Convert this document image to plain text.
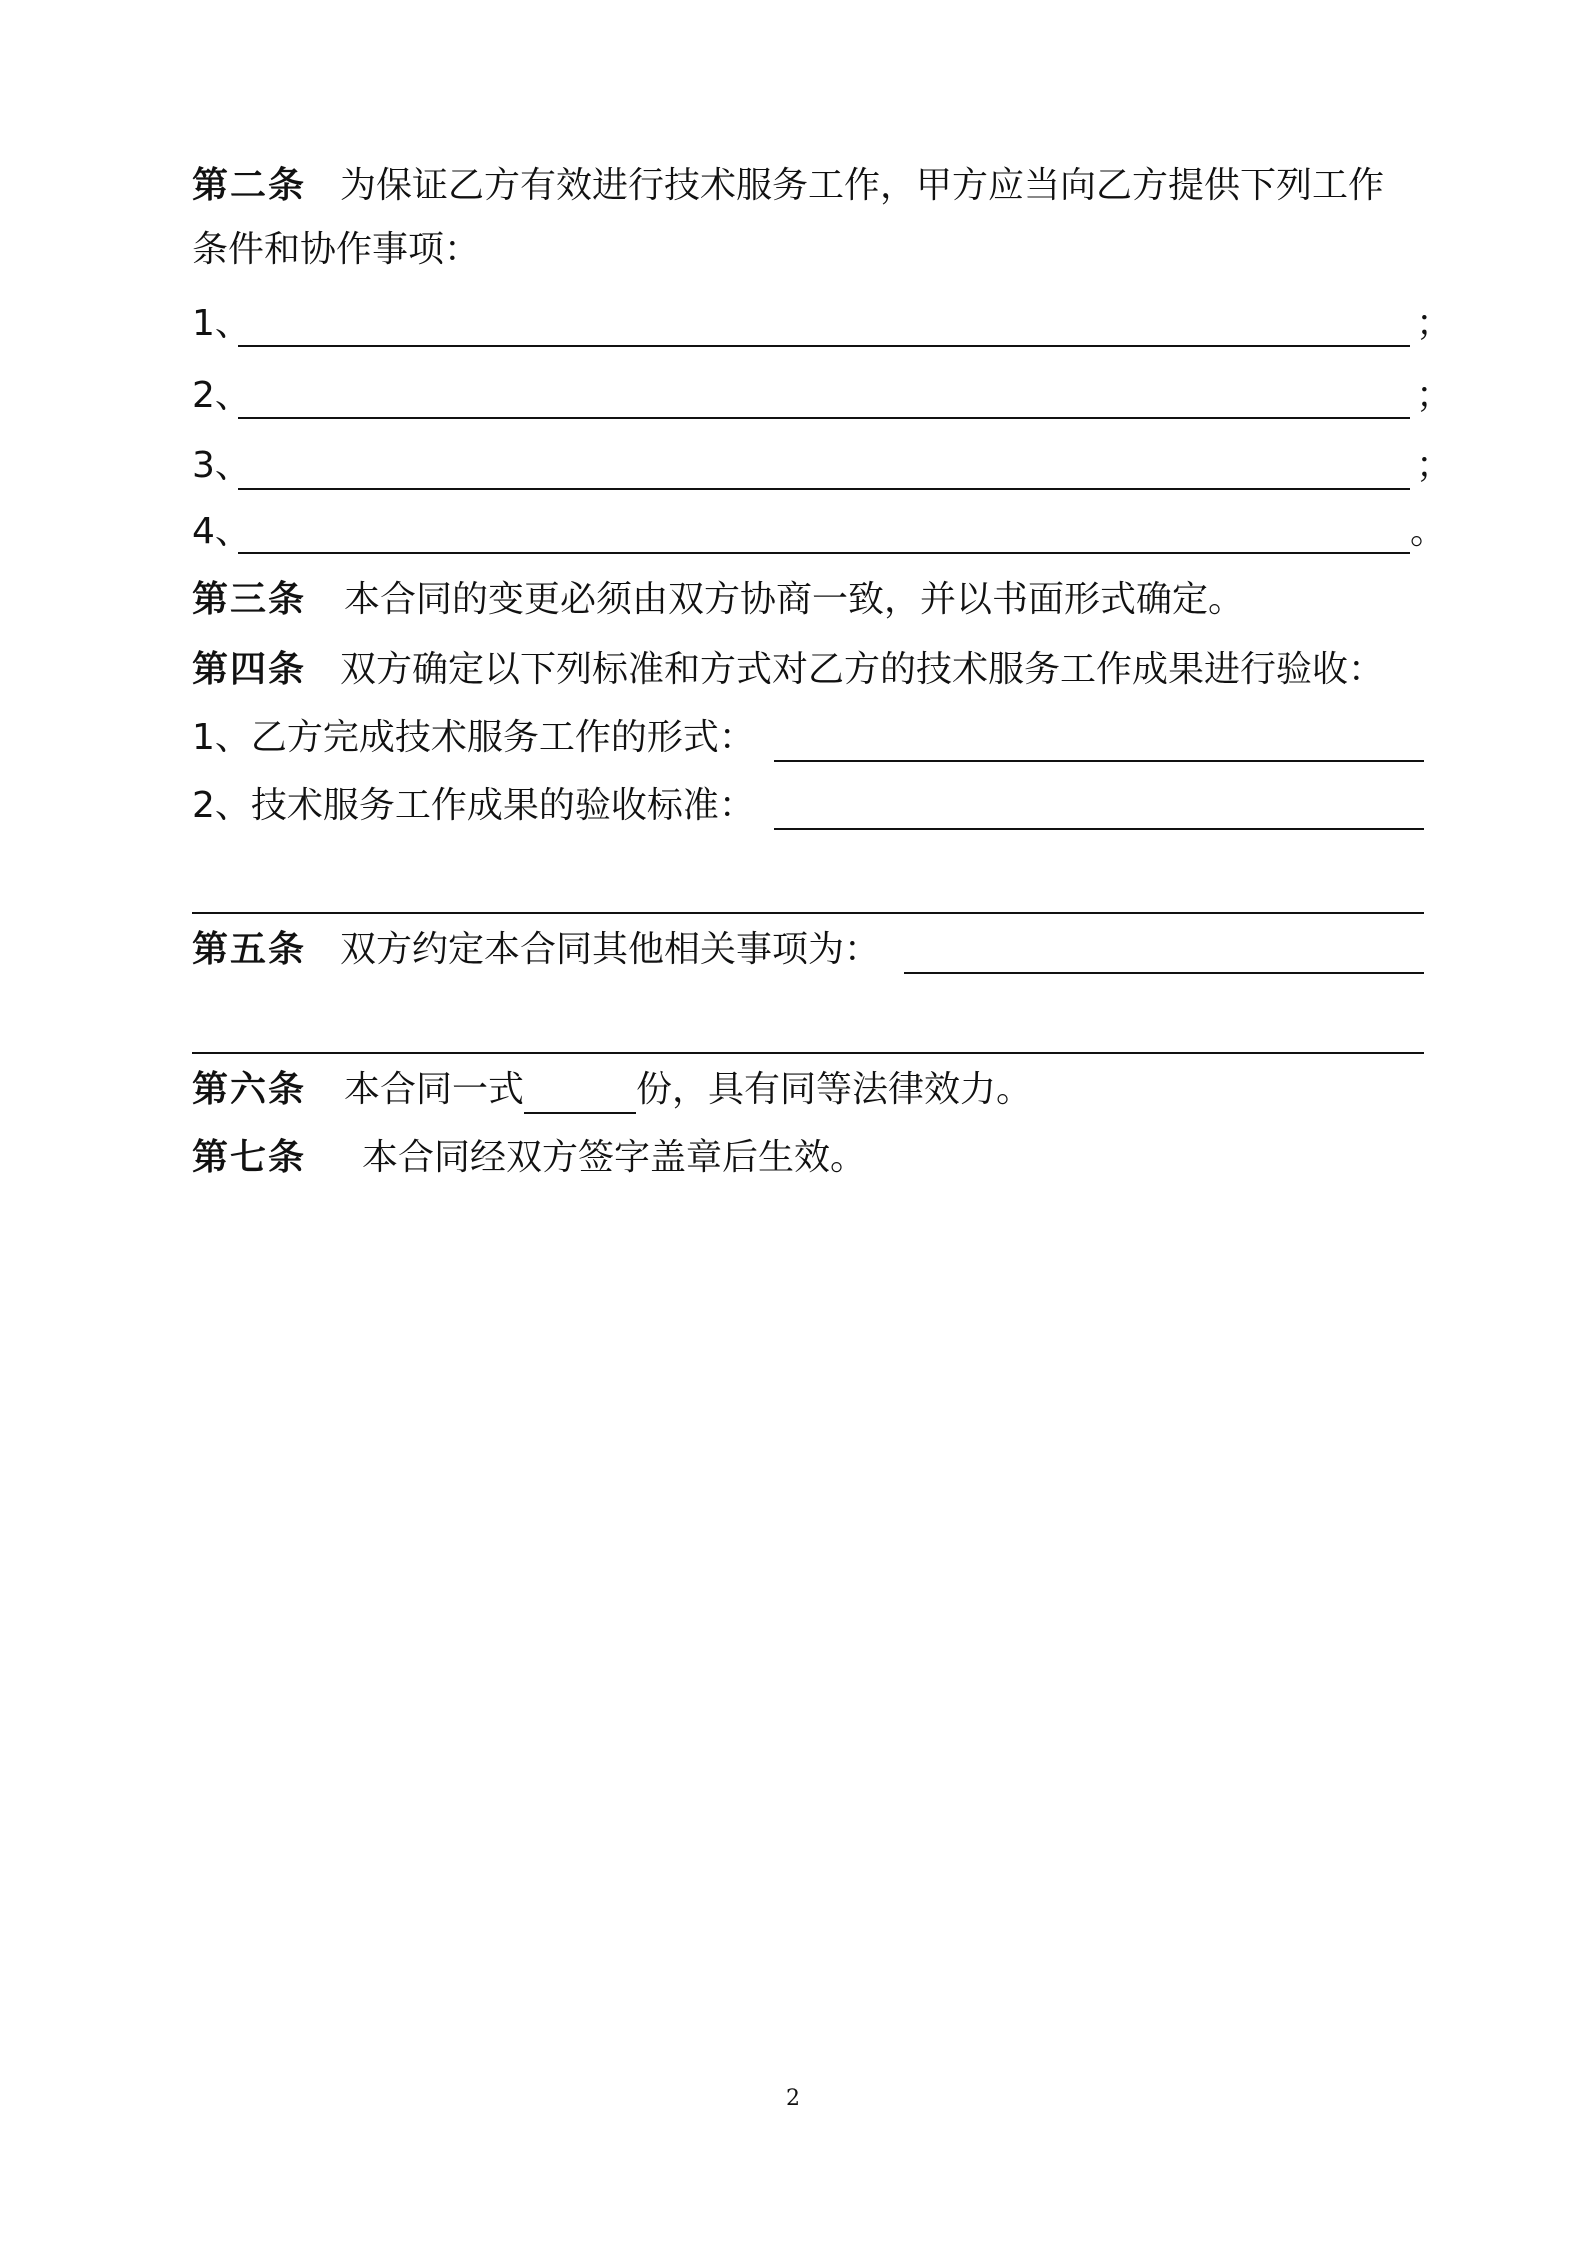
第二条 为保证乙方有效进行技术服务工作，甲方应当向乙方提供下列工作
条件和协作事项：
1、	；
2、	；
3、	；
4、	。
第三条 本合同的变更必须由双方协商一致，并以书面形式确定。
第四条 双方确定以下列标准和方式对乙方的技术服务工作成果进行验收：
1、乙方完成技术服务工作的形式：
2、技术服务工作成果的验收标准：
第五条 双方约定本合同其他相关事项为：
第六条 本合同一式	份，具有同等法律效力。
第七条 本合同经双方签字盖章后生效。
2
